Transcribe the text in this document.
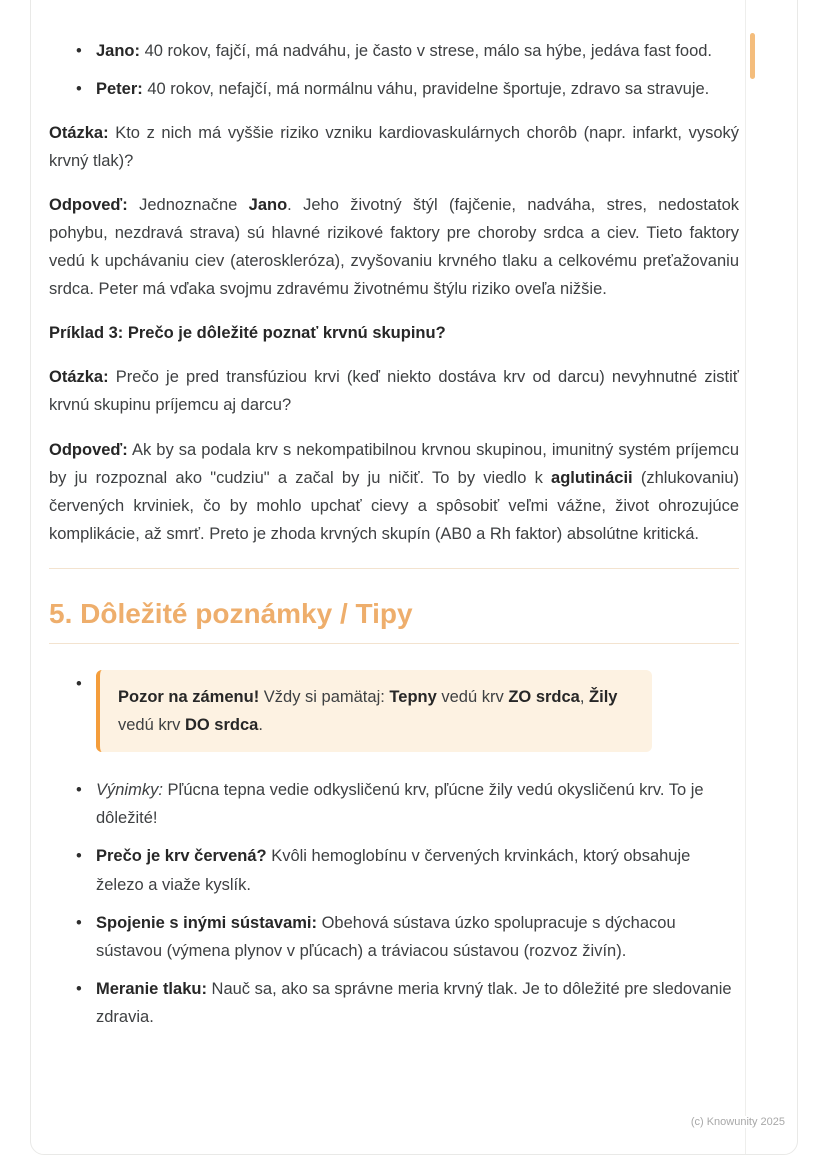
• Jano: 40 rokov, fajčí, má nadváhu, je často v strese, málo sa hýbe, jedáva fast food.
• Peter: 40 rokov, nefajčí, má normálnu váhu, pravidelne športuje, zdravo sa stravuje.

Otázka: Kto z nich má vyššie riziko vzniku kardiovaskulárnych chorôb (napr. infarkt, vysoký krvný tlak)?

Odpoveď: Jednoznačne Jano. Jeho životný štýl (fajčenie, nadváha, stres, nedostatok pohybu, nezdravá strava) sú hlavné rizikové faktory pre choroby srdca a ciev. Tieto faktory vedú k upchávaniu ciev (ateroskleróza), zvyšovaniu krvného tlaku a celkovému preťažovaniu srdca. Peter má vďaka svojmu zdravému životnému štýlu riziko oveľa nižšie.

Príklad 3: Prečo je dôležité poznať krvnú skupinu?

Otázka: Prečo je pred transfúziou krvi (keď niekto dostáva krv od darcu) nevyhnutné zistiť krvnú skupinu príjemcu aj darcu?

Odpoveď: Ak by sa podala krv s nekompatibilnou krvnou skupinou, imunitný systém príjemcu by ju rozpoznal ako "cudziu" a začal by ju ničiť. To by viedlo k aglutinácii (zhlukovaniu) červených krviniek, čo by mohlo upchať cievy a spôsobiť veľmi vážne, život ohrozujúce komplikácie, až smrť. Preto je zhoda krvných skupín (AB0 a Rh faktor) absolútne kritická.

5. Dôležité poznámky / Tipy
• Pozor na zámenu! Vždy si pamätaj: Tepny vedú krv ZO srdca, Žily vedú krv DO srdca.
• Výnimky: Pľúcna tepna vedie odkysličenú krv, pľúcne žily vedú okysličenú krv. To je dôležité!
• Prečo je krv červená? Kvôli hemoglobínu v červených krvinkách, ktorý obsahuje železo a viaže kyslík.
• Spojenie s inými sústavami: Obehová sústava úzko spolupracuje s dýchacou sústavou (výmena plynov v pľúcach) a tráviacou sústavou (rozvoz živín).
• Meranie tlaku: Nauč sa, ako sa správne meria krvný tlak. Je to dôležité pre sledovanie zdravia.
(c) Knowunity 2025
